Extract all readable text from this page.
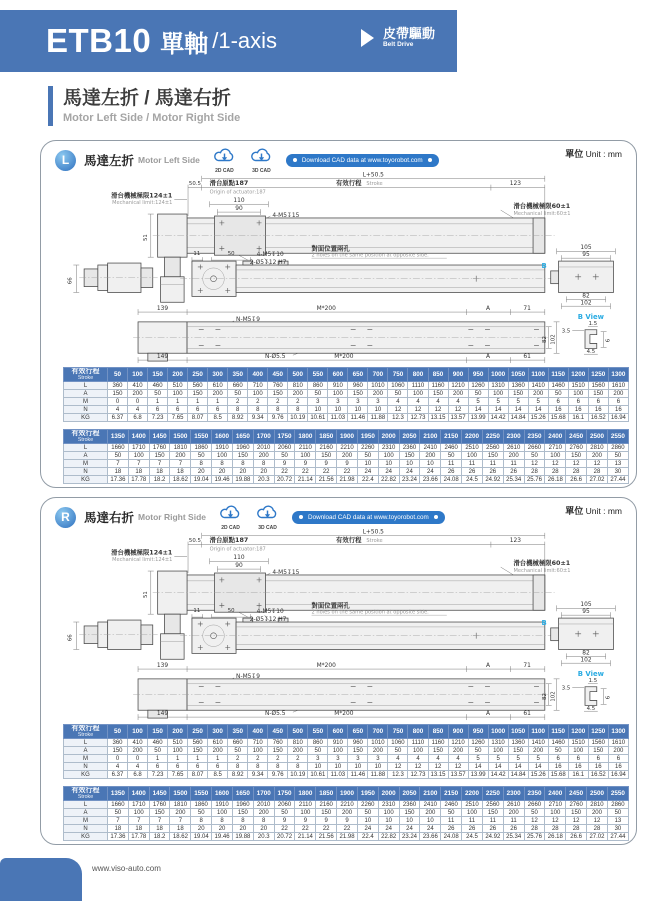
ETB10 單軸 /1-axis	皮帶驅動
Belt Drive
馬達左折 / 馬達右折
Motor Left Side / Motor Right Side
L	馬達左折 Motor Left Side
2D CAD	3D CAD
Download CAD data at www.toyorobot.com
單位 Unit : mm
L+50.5
50.5 滑台原點187
Origin of actuator:187
有效行程 Stroke	123
滑台機械極限124±1
Mechanical limit:124±1	110
90
4-M5↧15
滑台機械極限60±1
Mechanical limit:60±1
51
2-Ø5↧12 H7
66
11	50	4-M5↧10
對面位置兩孔
2 holes on the same position at opposite side.
105
95
B
82
102
139	M*200	A	71
N-M5↧9
82 102
149	N-Ø5.5	M*200	A	61
B View
1.5
3.5
6
4.5
有效行程
Stroke	50	100	150	200	250	300	350	400	450	500	550	600	650	700	750	800	850	900	950	1000	1050	1100	1150	1200	1250	1300
L	360	410	460	510	560	610	660	710	760	810	860	910	960	1010	1060	1110	1160	1210	1260	1310	1360	1410	1460	1510	1560	1610
A	150	200	50	100	150	200	50	100	150	200	50	100	150	200	50	100	150	200	50	100	150	200	50	100	150	200
M	0	0	1	1	1	1	2	2	2	2	3	3	3	3	4	4	4	4	5	5	5	5	6	6	6	6
N	4	4	6	6	6	6	8	8	8	8	10	10	10	10	12	12	12	12	14	14	14	14	16	16	16	16
KG	6.37	6.8	7.23	7.65	8.07	8.5	8.92	9.34	9.76	10.19	10.61	11.03	11.46	11.88	12.3	12.73	13.15	13.57	13.99	14.42	14.84	15.26	15.68	16.1	16.52	16.94
有效行程
Stroke	1350	1400	1450	1500	1550	1600	1650	1700	1750	1800	1850	1900	1950	2000	2050	2100	2150	2200	2250	2300	2350	2400	2450	2500	2550
L	1660	1710	1760	1810	1860	1910	1960	2010	2060	2110	2160	2210	2260	2310	2360	2410	2460	2510	2560	2610	2660	2710	2760	2810	2860
A	50	100	150	200	50	100	150	200	50	100	150	200	50	100	150	200	50	100	150	200	50	100	150	200	50
M	7	7	7	7	8	8	8	8	9	9	9	9	10	10	10	10	11	11	11	11	12	12	12	12	13
N	18	18	18	18	20	20	20	20	22	22	22	22	24	24	24	24	26	26	26	26	28	28	28	28	30
KG	17.36	17.78	18.2	18.62	19.04	19.46	19.88	20.3	20.72	21.14	21.56	21.98	22.4	22.82	23.24	23.66	24.08	24.5	24.92	25.34	25.76	26.18	26.6	27.02	27.44
R	馬達右折 Motor Right Side
2D CAD	3D CAD
Download CAD data at www.toyorobot.com
單位 Unit : mm
L+50.5
50.5 滑台原點187
Origin of actuator:187
有效行程 Stroke	123
滑台機械極限124±1
Mechanical limit:124±1	110
90
4-M5↧15
滑台機械極限60±1
Mechanical limit:60±1
51
2-Ø5↧12 H7
66
11	50	4-M5↧10
對面位置兩孔
2 holes on the same position at opposite side.
105
95
B
82
102
139	M*200	A	71
N-M5↧9
82 102
149	N-Ø5.5	M*200	A	61
B View
1.5
3.5
6
4.5
有效行程
Stroke	50	100	150	200	250	300	350	400	450	500	550	600	650	700	750	800	850	900	950	1000	1050	1100	1150	1200	1250	1300
L	360	410	460	510	560	610	660	710	760	810	860	910	960	1010	1060	1110	1160	1210	1260	1310	1360	1410	1460	1510	1560	1610
A	150	200	50	100	150	200	50	100	150	200	50	100	150	200	50	100	150	200	50	100	150	200	50	100	150	200
M	0	0	1	1	1	1	2	2	2	2	3	3	3	3	4	4	4	4	5	5	5	5	6	6	6	6
N	4	4	6	6	6	6	8	8	8	8	10	10	10	10	12	12	12	12	14	14	14	14	16	16	16	16
KG	6.37	6.8	7.23	7.65	8.07	8.5	8.92	9.34	9.76	10.19	10.61	11.03	11.46	11.88	12.3	12.73	13.15	13.57	13.99	14.42	14.84	15.26	15.68	16.1	16.52	16.94
有效行程
Stroke	1350	1400	1450	1500	1550	1600	1650	1700	1750	1800	1850	1900	1950	2000	2050	2100	2150	2200	2250	2300	2350	2400	2450	2500	2550
L	1660	1710	1760	1810	1860	1910	1960	2010	2060	2110	2160	2210	2260	2310	2360	2410	2460	2510	2560	2610	2660	2710	2760	2810	2860
A	50	100	150	200	50	100	150	200	50	100	150	200	50	100	150	200	50	100	150	200	50	100	150	200	50
M	7	7	7	7	8	8	8	8	9	9	9	9	10	10	10	10	11	11	11	11	12	12	12	12	13
N	18	18	18	18	20	20	20	20	22	22	22	22	24	24	24	24	26	26	26	26	28	28	28	28	30
KG	17.36	17.78	18.2	18.62	19.04	19.46	19.88	20.3	20.72	21.14	21.56	21.98	22.4	22.82	23.24	23.66	24.08	24.5	24.92	25.34	25.76	26.18	26.6	27.02	27.44
www.viso-auto.com
